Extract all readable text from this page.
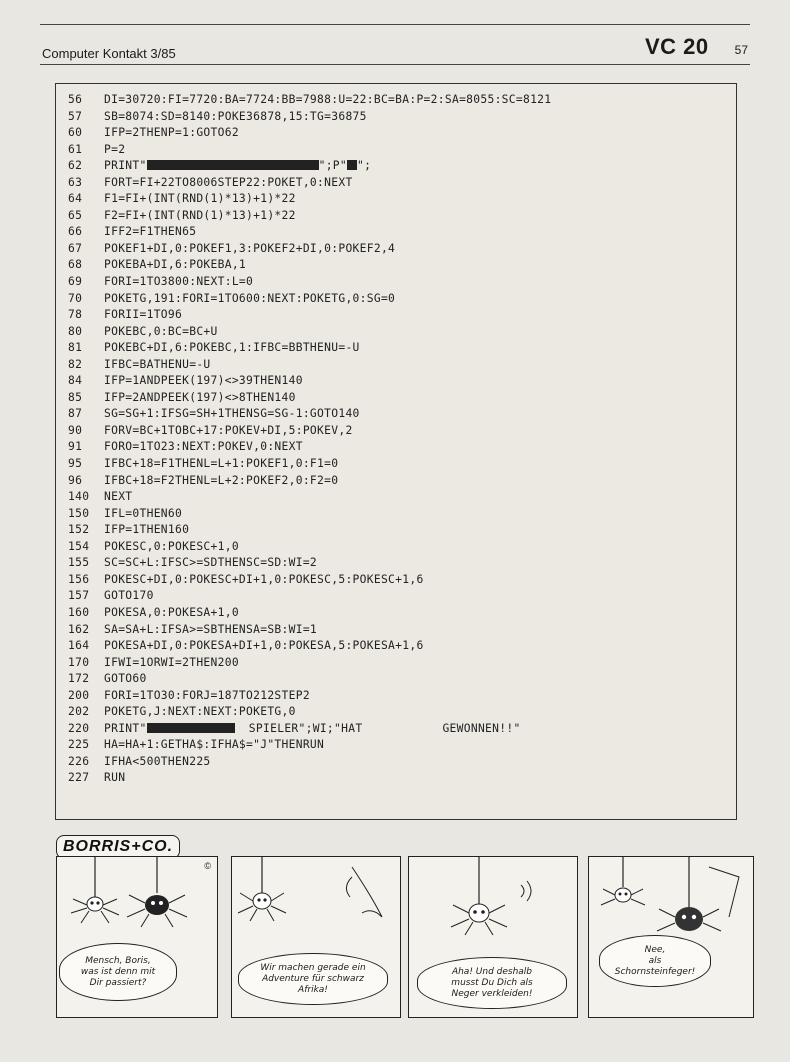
Computer Kontakt 3/85	VC 20 57
56 DI=30720:FI=7720:BA=7724:BB=7988:U=22:BC=BA:P=2:SA=8055:SC=8121
57 SB=8074:SD=8140:POKE36878,15:TG=36875
60 IFP=2THENP=1:GOTO62
61 P=2
62 PRINT"	";P" ";
63 FORT=FI+22TO8006STEP22:POKET,0:NEXT
64 F1=FI+(INT(RND(1)*13)+1)*22
65 F2=FI+(INT(RND(1)*13)+1)*22
66 IFF2=F1THEN65
67 POKEF1+DI,0:POKEF1,3:POKEF2+DI,0:POKEF2,4
68 POKEBA+DI,6:POKEBA,1
69 FORI=1TO3800:NEXT:L=0
70 POKETG,191:FORI=1TO600:NEXT:POKETG,0:SG=0
78 FORII=1TO96
80 POKEBC,0:BC=BC+U
81 POKEBC+DI,6:POKEBC,1:IFBC=BBTHENU=-U
82 IFBC=BATHENU=-U
84 IFP=1ANDPEEK(197)<>39THEN140
85 IFP=2ANDPEEK(197)<>8THEN140
87 SG=SG+1:IFSG=SH+1THENSG=SG-1:GOTO140
90 FORV=BC+1TOBC+17:POKEV+DI,5:POKEV,2
91 FORO=1TO23:NEXT:POKEV,0:NEXT
95 IFBC+18=F1THENL=L+1:POKEF1,0:F1=0
96 IFBC+18=F2THENL=L+2:POKEF2,0:F2=0
140 NEXT
150 IFL=0THEN60
152 IFP=1THEN160
154 POKESC,0:POKESC+1,0
155 SC=SC+L:IFSC>=SDTHENSC=SD:WI=2
156 POKESC+DI,0:POKESC+DI+1,0:POKESC,5:POKESC+1,6
157 GOTO170
160 POKESA,0:POKESA+1,0
162 SA=SA+L:IFSA>=SBTHENSA=SB:WI=1
164 POKESA+DI,0:POKESA+DI+1,0:POKESA,5:POKESA+1,6
170 IFWI=1ORWI=2THEN200
172 GOTO60
200 FORI=1TO30:FORJ=187TO212STEP2
202 POKETG,J:NEXT:NEXT:POKETG,0
220 PRINT"	SPIELER";WI;"HAT	GEWONNEN!!"
225 HA=HA+1:GETHA$:IFHA$="J"THENRUN
226 IFHA<500THEN225
227 RUN
BORRIS+CO.
©
Mensch, Boris,
was ist denn mit
Dir passiert?
Wir machen gerade ein
Adventure für schwarz
Afrika!
Aha! Und deshalb
musst Du Dich als
Neger verkleiden!
Nee,
als Schornsteinfeger!
